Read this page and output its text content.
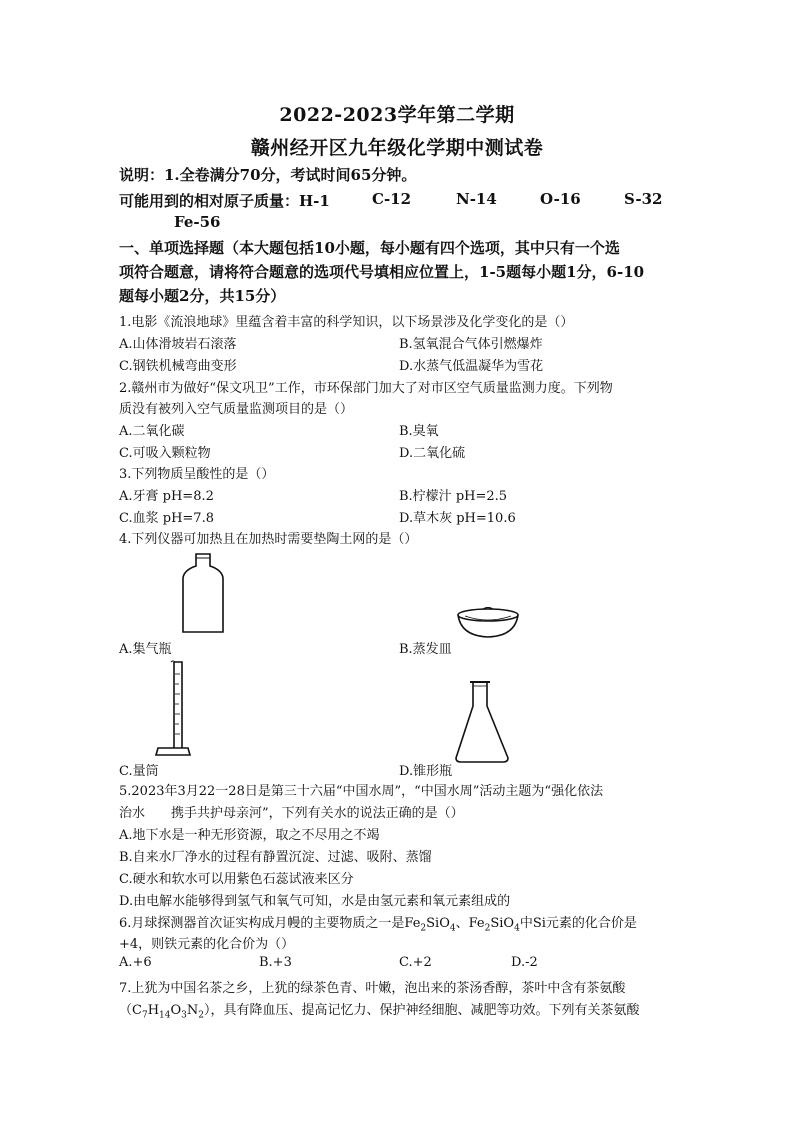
2022-2023学年第二学期
赣州经开区九年级化学期中测试卷
说明：1.全卷满分70分，考试时间65分钟。
可能用到的相对原子质量：H-1	C-12	N-14	O-16	S-32
Fe-56
一、单项选择题（本大题包括10小题，每小题有四个选项，其中只有一个选
项符合题意，请将符合题意的选项代号填相应位置上，1-5题每小题1分，6-10
题每小题2分，共15分）
1.电影《流浪地球》里蕴含着丰富的科学知识，以下场景涉及化学变化的是（）
A.山体滑坡岩石滚落	B.氢氧混合气体引燃爆炸
C.钢铁机械弯曲变形	D.水蒸气低温凝华为雪花
2.赣州市为做好“保文巩卫”工作，市环保部门加大了对市区空气质量监测力度。下列物
质没有被列入空气质量监测项目的是（）
A.二氧化碳	B.臭氧
C.可吸入颗粒物	D.二氧化硫
3.下列物质呈酸性的是（）
A.牙膏 pH=8.2	B.柠檬汁 pH=2.5
C.血浆 pH=7.8	D.草木灰 pH=10.6
4.下列仪器可加热且在加热时需要垫陶土网的是（）
A.集气瓶	B.蒸发皿
C.量筒	D.锥形瓶
5.2023年3月22一28日是第三十六届“中国水周”，“中国水周”活动主题为“强化依法
治水　　携手共护母亲河”，下列有关水的说法正确的是（）
A.地下水是一种无形资源，取之不尽用之不竭
B.自来水厂净水的过程有静置沉淀、过滤、吸附、蒸馏
C.硬水和软水可以用紫色石蕊试液来区分
D.由电解水能够得到氢气和氧气可知，水是由氢元素和氧元素组成的
6.月球探测器首次证实构成月幔的主要物质之一是$Fe_2SiO_4$、$Fe_2SiO_4$中Si元素的化合价是
+4，则铁元素的化合价为（）
A.+6	B.+3	C.+2	D.-2
7.上犹为中国名茶之乡，上犹的绿茶色青、叶嫩，泡出来的茶汤香醇，茶叶中含有茶氨酸
$(C_7H_{14}O_3N_2)$，具有降血压、提高记忆力、保护神经细胞、减肥等功效。下列有关茶氨酸
